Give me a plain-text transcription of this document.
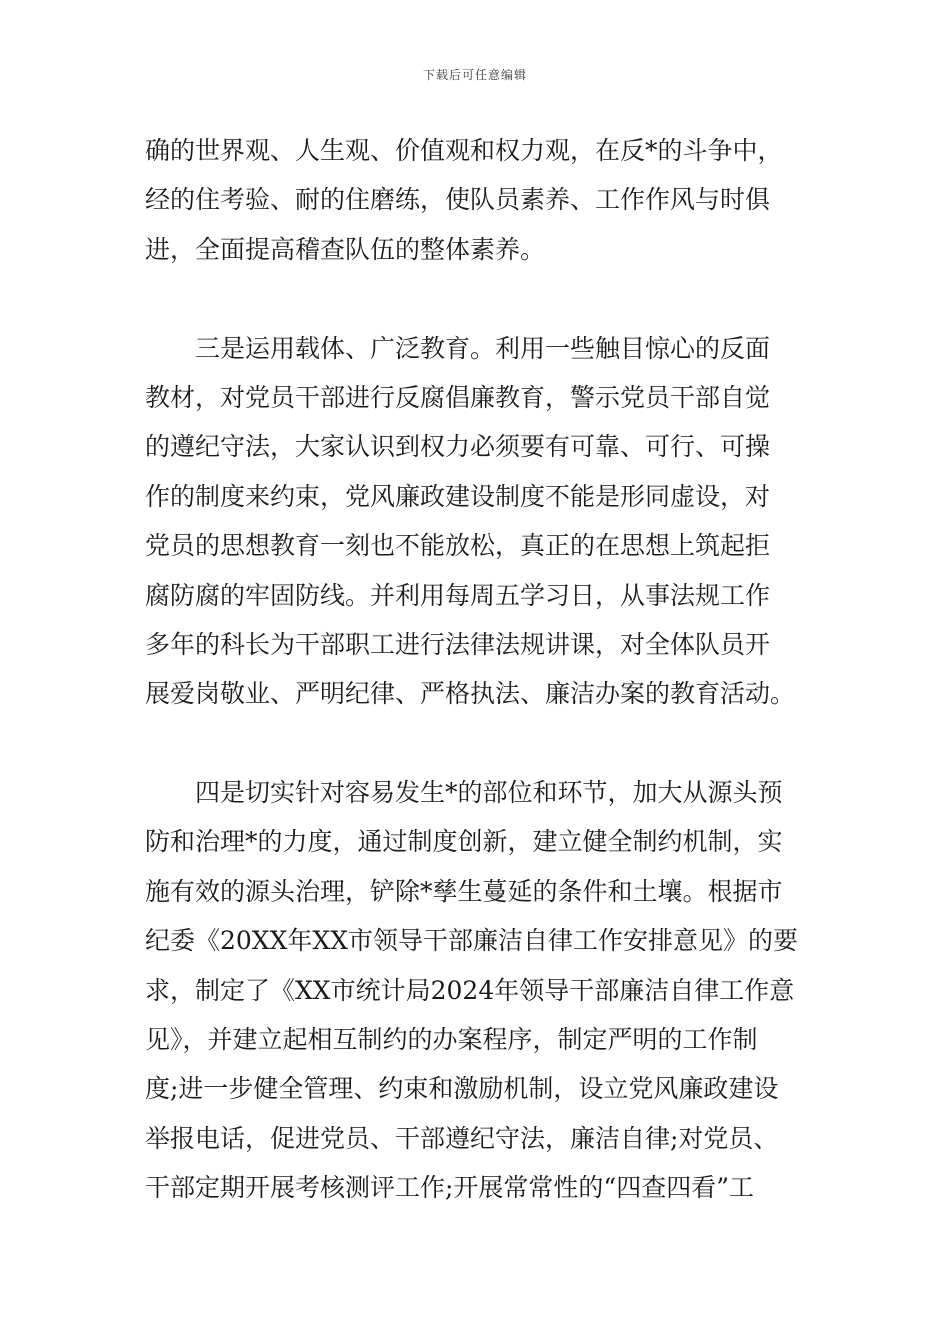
下载后可任意编辑
确的世界观、人生观、价值观和权力观，在反*的斗争中，
经的住考验、耐的住磨练，使队员素养、工作作风与时俱
进，全面提高稽查队伍的整体素养。
　　三是运用载体、广泛教育。利用一些触目惊心的反面
教材，对党员干部进行反腐倡廉教育，警示党员干部自觉
的遵纪守法，大家认识到权力必须要有可靠、可行、可操
作的制度来约束，党风廉政建设制度不能是形同虚设，对
党员的思想教育一刻也不能放松，真正的在思想上筑起拒
腐防腐的牢固防线。并利用每周五学习日，从事法规工作
多年的科长为干部职工进行法律法规讲课，对全体队员开
展爱岗敬业、严明纪律、严格执法、廉洁办案的教育活动。
　　四是切实针对容易发生*的部位和环节，加大从源头预
防和治理*的力度，通过制度创新，建立健全制约机制，实
施有效的源头治理，铲除*孳生蔓延的条件和土壤。根据市
纪委《20XX年XX市领导干部廉洁自律工作安排意见》的要
求，制定了《XX市统计局2024年领导干部廉洁自律工作意
见》，并建立起相互制约的办案程序，制定严明的工作制
度;进一步健全管理、约束和激励机制，设立党风廉政建设
举报电话，促进党员、干部遵纪守法，廉洁自律;对党员、
干部定期开展考核测评工作;开展常常性的“四查四看”工
